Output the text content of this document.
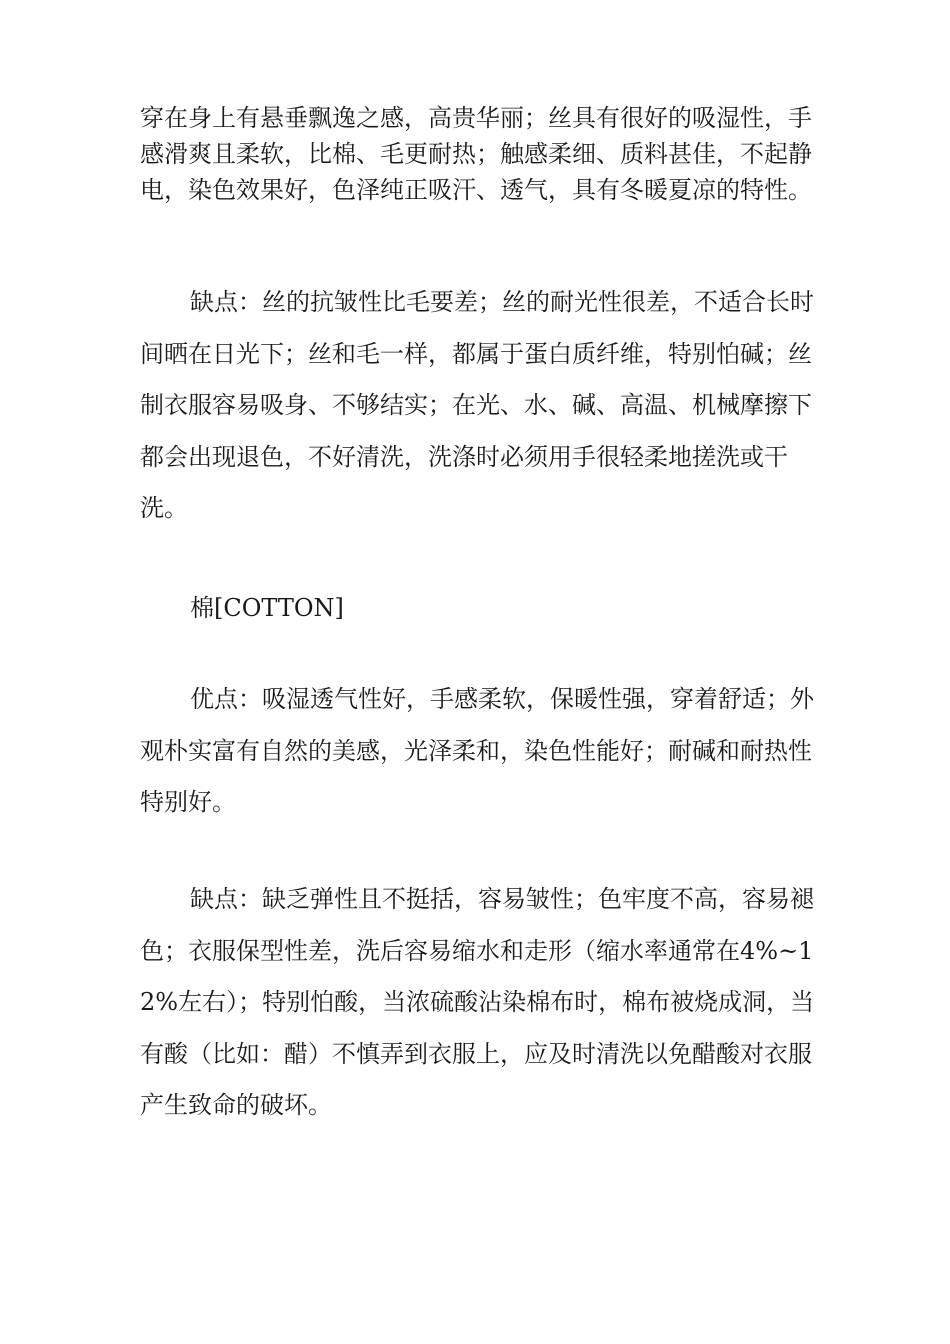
穿在身上有悬垂飘逸之感，高贵华丽；丝具有很好的吸湿性，手感滑爽且柔软，比棉、毛更耐热；触感柔细、质料甚佳，不起静电，染色效果好，色泽纯正吸汗、透气，具有冬暖夏凉的特性。

缺点：丝的抗皱性比毛要差；丝的耐光性很差，不适合长时间晒在日光下；丝和毛一样，都属于蛋白质纤维，特别怕碱；丝制衣服容易吸身、不够结实；在光、水、碱、高温、机械摩擦下都会出现退色，不好清洗，洗涤时必须用手很轻柔地搓洗或干洗。

棉[COTTON]

优点：吸湿透气性好，手感柔软，保暖性强，穿着舒适；外观朴实富有自然的美感，光泽柔和，染色性能好；耐碱和耐热性特别好。

缺点：缺乏弹性且不挺括，容易皱性；色牢度不高，容易褪色；衣服保型性差，洗后容易缩水和走形（缩水率通常在4%~12%左右）；特别怕酸，当浓硫酸沾染棉布时，棉布被烧成洞，当有酸（比如：醋）不慎弄到衣服上，应及时清洗以免醋酸对衣服产生致命的破坏。
